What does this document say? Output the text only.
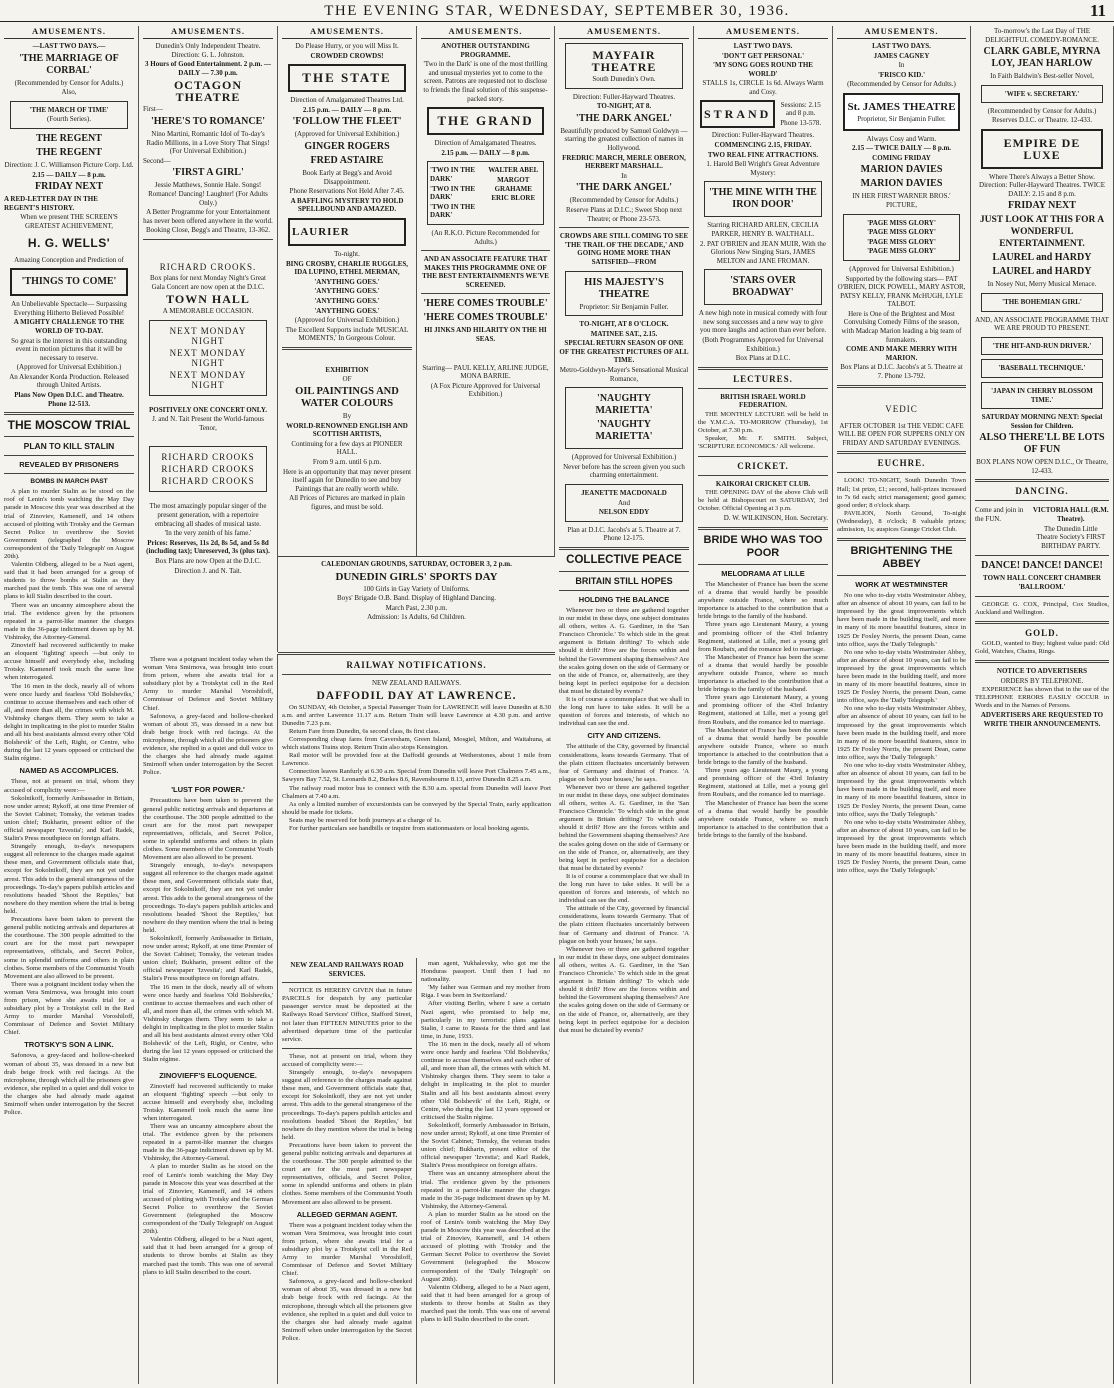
THE EVENING STAR, WEDNESDAY, SEPTEMBER 30, 1936.	11
AMUSEMENTS.
—LAST TWO DAYS.—
'THE MARRIAGE OF CORBAL'
(Recommended by Censor for Adults.)
Also,
'THE MARCH OF TIME'
(Fourth Series).
THE REGENT
THE REGENT
Direction: J. C. Williamson Picture Corp. Ltd.
2.15 — DAILY — 8 p.m.
FRIDAY NEXT
A RED-LETTER DAY IN THE REGENT'S HISTORY.
When we present THE SCREEN'S GREATEST ACHIEVEMENT,
H. G. WELLS'
Amazing Conception and Prediction of
'THINGS TO COME'
An Unbelievable Spectacle— Surpassing Everything Hitherto Believed Possible!
A MIGHTY CHALLENGE TO THE WORLD OF TO-DAY.
So great is the interest in this outstanding event in motion pictures that it will be necessary to reserve.
(Approved for Universal Exhibition.)
An Alexander Korda Production. Released through United Artists.
Plans Now Open D.I.C. and Theatre. Phone 12-513.
THE MOSCOW TRIAL
PLAN TO KILL STALIN
REVEALED BY PRISONERS
BOMBS IN MARCH PAST
A plan to murder Stalin as he stood on the roof of Lenin's tomb watching the May Day parade in Moscow this year was described at the trial of Zinoviev, Kameneff, and 14 others accused of plotting with Trotsky and the German Secret Police to overthrow the Soviet Government (telegraphed the Moscow correspondent of the 'Daily Telegraph' on August 20th).
Valentin Oldberg, alleged to be a Nazi agent, said that it had been arranged for a group of students to throw bombs at Stalin as they marched past the tomb. This was one of several plans to kill Stalin described to the court.
There was an uncanny atmosphere about the trial. The evidence given by the prisoners repeated in a parrot-like manner the charges made in the 36-page indictment drawn up by M. Vishinsky, the Attorney-General.
Zinovieff had recovered sufficiently to make an eloquent 'fighting' speech —but only to accuse himself and everybody else, including Trotsky. Kameneff took much the same line when interrogated.
The 16 men in the dock, nearly all of whom were once hardy and fearless 'Old Bolsheviks,' continue to accuse themselves and each other of all, and more than all, the crimes with which M. Vishinsky charges them. They seem to take a delight in implicating in the plot to murder Stalin and all his best assistants almost every other 'Old Bolshevik' of the Left, Right, or Centre, who during the last 12 years opposed or criticised the Stalin régime.
NAMED AS ACCOMPLICES.
These, not at present on trial, whom they accused of complicity were:—
Sokolnikoff, formerly Ambassador in Britain, now under arrest; Rykoff, at one time Premier of the Soviet Cabinet; Tomsky, the veteran trades union chief; Bukharin, present editor of the official newspaper 'Izvestia'; and Karl Radek, Stalin's Press mouthpiece on foreign affairs.
Strangely enough, to-day's newspapers suggest all reference to the charges made against these men, and Government officials state that, except for Sokolnikoff, they are not yet under arrest. This adds to the general strangeness of the proceedings. To-day's papers publish articles and resolutions headed 'Shoot the Reptiles,' but nowhere do they mention where the trial is being held.
Precautions have been taken to prevent the general public noticing arrivals and departures at the courthouse. The 300 people admitted to the court are for the most part newspaper representatives, officials, and Secret Police, some in splendid uniforms and others in plain clothes. Some members of the Communist Youth Movement are also allowed to be present.
There was a poignant incident today when the woman Vera Smirnova, was brought into court from prison, where she awaits trial for a subsidiary plot by a Trotskyist cell in the Red Army to murder Marshal Voroshiloff, Commissar of Defence and Soviet Military Chief.
TROTSKY'S SON A LINK.
Safonova, a grey-faced and hollow-cheeked woman of about 35, was dressed in a new but drab beige frock with red facings. At the microphone, through which all the prisoners give evidence, she replied in a quiet and dull voice to the charges she had already made against Smirnoff when under interrogation by the Secret Police.
AMUSEMENTS.
Dunedin's Only Independent Theatre. Direction: G. L. Johnston.
3 Hours of Good Entertainment. 2 p.m. — DAILY — 7.30 p.m.
OCTAGON THEATRE
First—
'HERE'S TO ROMANCE'
Nino Martini, Romantic Idol of To-day's Radio Millions, in a Love Story That Sings! (For Universal Exhibition.)
Second—
'FIRST A GIRL'
Jessie Matthews, Sonnie Hale. Songs! Romance! Dancing! Laughter! (For Adults Only.)
A Better Programme for your Entertainment has never been offered anywhere in the world.
Booking Close, Begg's and Theatre, 13-362.
RICHARD CROOKS.
Box plans for next Monday Night's Great Gala Concert are now open at the D.I.C.
TOWN HALL
A MEMORABLE OCCASION.
NEXT MONDAY NIGHT
NEXT MONDAY NIGHT
NEXT MONDAY NIGHT
POSITIVELY ONE CONCERT ONLY.
J. and N. Tait Present the World-famous Tenor,
RICHARD CROOKS
RICHARD CROOKS
RICHARD CROOKS
The most amazingly popular singer of the present generation, with a repertoire embracing all shades of musical taste.
'In the very zenith of his fame.'
Prices: Reserves, 11s 2d, 8s 5d, and 5s 8d (including tax); Unreserved, 3s (plus tax).
Box Plans are now Open at the D.I.C.
Direction J. and N. Tait.
AMUSEMENTS.
Do Please Hurry, or you will Miss It.
CROWDED CROWDS!
THE STATE
Direction of Amalgamated Theatres Ltd.
2.15 p.m. — DAILY — 8 p.m.
'FOLLOW THE FLEET'
(Approved for Universal Exhibition.)
GINGER ROGERS
FRED ASTAIRE
Book Early at Begg's and Avoid Disappointment.
Phone Reservations Not Held After 7.45.
A BAFFLING MYSTERY TO HOLD SPELLBOUND AND AMAZED.
LAURIER
To-night.
BING CROSBY, CHARLIE RUGGLES, IDA LUPINO, ETHEL MERMAN,
'ANYTHING GOES.'
'ANYTHING GOES.'
'ANYTHING GOES.'
'ANYTHING GOES.'
(Approved for Universal Exhibition.)
The Excellent Supports include 'MUSICAL MOMENTS,' In Gorgeous Colour.
EXHIBITION
OF
OIL PAINTINGS AND WATER COLOURS
By
WORLD-RENOWNED ENGLISH AND SCOTTISH ARTISTS,
Continuing for a few days at PIONEER HALL.
From 9 a.m. until 6 p.m.
Here is an opportunity that may never present itself again for Dunedin to see and buy Paintings that are really worth while.
All Prices of Pictures are marked in plain figures, and must be sold.
AMUSEMENTS.
ANOTHER OUTSTANDING PROGRAMME.
'Two in the Dark' is one of the most thrilling and unusual mysteries yet to come to the screen. Patrons are requested not to disclose to friends the final solution of this suspense-packed story.
THE GRAND
Direction of Amalgamated Theatres.
2.15 p.m. — DAILY — 8 p.m.
'TWO IN THE DARK'
'TWO IN THE DARK'
'TWO IN THE DARK'
WALTER ABEL
MARGOT GRAHAME
ERIC BLORE
(An R.K.O. Picture Recommended for Adults.)
AND AN ASSOCIATE FEATURE THAT MAKES THIS PROGRAMME ONE OF THE BEST ENTERTAINMENTS WE'VE SCREENED.
'HERE COMES TROUBLE'
'HERE COMES TROUBLE'
HI JINKS AND HILARITY ON THE HI SEAS.
Starring— PAUL KELLY, ARLINE JUDGE, MONA BARRIE.
(A Fox Picture Approved for Universal Exhibition.)
AMUSEMENTS.
MAYFAIR THEATRE
South Dunedin's Own.
Direction: Fuller-Hayward Theatres.
TO-NIGHT, AT 8.
'THE DARK ANGEL'
Beautifully produced by Samuel Goldwyn —starring the greatest collection of names in Hollywood.
FREDRIC MARCH, MERLE OBERON, HERBERT MARSHALL.
In
'THE DARK ANGEL'
(Recommended by Censor for Adults.)
Reserve Plans at D.I.C.; Sweet Shop next Theatre; or Phone 23-573.
CROWDS ARE STILL COMING TO SEE 'THE TRAIL OF THE DECADE,' AND GOING HOME MORE THAN SATISFIED—FROM
HIS MAJESTY'S THEATRE
Proprietor: Sir Benjamin Fuller.
TO-NIGHT, AT 8 O'CLOCK.
MATINEE SAT., 2.15.
SPECIAL RETURN SEASON OF ONE OF THE GREATEST PICTURES OF ALL TIME.
Metro-Goldwyn-Mayer's Sensational Musical Romance,
'NAUGHTY MARIETTA'
'NAUGHTY MARIETTA'
(Approved for Universal Exhibition.)
Never before has the screen given you such charming entertainment.
JEANETTE MACDONALD
And
NELSON EDDY
Plan at D.I.C. Jacobs's at 5. Theatre at 7. Phone 12-175.
COLLECTIVE PEACE
BRITAIN STILL HOPES
HOLDING THE BALANCE
Whenever two or three are gathered together in our midst in these days, one subject dominates all others, writes A. G. Gardiner, in the 'San Francisco Chronicle.' To which side in the great argument is Britain drifting? To which side should it drift? How are the forces within and behind the Government shaping themselves? Are the scales going down on the side of Germany or on the side of France, or, alternatively, are they being kept in perfect equipoise for a decision that must be dictated by events?
It is of course a commonplace that we shall in the long run have to take sides. It will be a question of forces and interests, of which no individual can see the end.
CITY AND CITIZENS.
The attitude of the City, governed by financial considerations, leans towards Germany. That of the plain citizen fluctuates uncertainly between fear of Germany and distrust of France. 'A plague on both your houses,' he says.
Whenever two or three are gathered together in our midst in these days, one subject dominates all others, writes A. G. Gardiner, in the 'San Francisco Chronicle.' To which side in the great argument is Britain drifting? To which side should it drift? How are the forces within and behind the Government shaping themselves? Are the scales going down on the side of Germany or on the side of France, or, alternatively, are they being kept in perfect equipoise for a decision that must be dictated by events?
It is of course a commonplace that we shall in the long run have to take sides. It will be a question of forces and interests, of which no individual can see the end.
The attitude of the City, governed by financial considerations, leans towards Germany. That of the plain citizen fluctuates uncertainly between fear of Germany and distrust of France. 'A plague on both your houses,' he says.
Whenever two or three are gathered together in our midst in these days, one subject dominates all others, writes A. G. Gardiner, in the 'San Francisco Chronicle.' To which side in the great argument is Britain drifting? To which side should it drift? How are the forces within and behind the Government shaping themselves? Are the scales going down on the side of Germany or on the side of France, or, alternatively, are they being kept in perfect equipoise for a decision that must be dictated by events?
AMUSEMENTS.
LAST TWO DAYS.
'DON'T GET PERSONAL'
'MY SONG GOES ROUND THE WORLD'
STALLS 1s, CIRCLE 1s 6d. Always Warm and Cosy.
STRAND
Sessions: 2.15 and 8 p.m.
Phone 13-578.
Direction: Fuller-Hayward Theatres.
COMMENCING 2.15, FRIDAY.
TWO REAL FINE ATTRACTIONS.
1. Harold Bell Wright's Great Adventure Mystery:
'THE MINE WITH THE IRON DOOR'
Starring RICHARD ARLEN, CECILIA PARKER, HENRY B. WALTHALL.
2. PAT O'BRIEN and JEAN MUIR, With the Glorious New Singing Stars, JAMES MELTON and JANE FROMAN.
'STARS OVER BROADWAY'
A new high note in musical comedy with four new song successes and a new way to give you more laughs and action than ever before.
(Both Programmes Approved for Universal Exhibition.)
Box Plans at D.I.C.
LECTURES.
BRITISH ISRAEL WORLD FEDERATION.
THE MONTHLY LECTURE will be held in the Y.M.C.A. TO-MORROW (Thursday), 1st October, at 7.30 p.m.
Speaker, Mr. F. SMITH. Subject, 'SCRIPTURE ECONOMICS.' All welcome.
CRICKET.
KAIKORAI CRICKET CLUB.
THE OPENING DAY of the above Club will be held at Bishopscourt on SATURDAY, 3rd October. Official Opening at 3 p.m.
D. W. WILKINSON, Hon. Secretary.
BRIDE WHO WAS TOO POOR
MELODRAMA AT LILLE
The Manchester of France has been the scene of a drama that would hardly be possible anywhere outside France, where so much importance is attached to the contribution that a bride brings to the family of the husband.
Three years ago Lieutenant Maury, a young and promising officer of the 43rd Infantry Regiment, stationed at Lille, met a young girl from Roubaix, and the romance led to marriage.
The Manchester of France has been the scene of a drama that would hardly be possible anywhere outside France, where so much importance is attached to the contribution that a bride brings to the family of the husband.
Three years ago Lieutenant Maury, a young and promising officer of the 43rd Infantry Regiment, stationed at Lille, met a young girl from Roubaix, and the romance led to marriage.
The Manchester of France has been the scene of a drama that would hardly be possible anywhere outside France, where so much importance is attached to the contribution that a bride brings to the family of the husband.
Three years ago Lieutenant Maury, a young and promising officer of the 43rd Infantry Regiment, stationed at Lille, met a young girl from Roubaix, and the romance led to marriage.
The Manchester of France has been the scene of a drama that would hardly be possible anywhere outside France, where so much importance is attached to the contribution that a bride brings to the family of the husband.
AMUSEMENTS.
LAST TWO DAYS.
JAMES CAGNEY
In
'FRISCO KID.'
(Recommended by Censor for Adults.)
St. JAMES THEATRE
Proprietor, Sir Benjamin Fuller.
Always Cosy and Warm.
2.15 — TWICE DAILY — 8 p.m.
COMING FRIDAY
MARION DAVIES
MARION DAVIES
IN HER FIRST WARNER BROS.' PICTURE,
'PAGE MISS GLORY'
'PAGE MISS GLORY'
'PAGE MISS GLORY'
'PAGE MISS GLORY'
(Approved for Universal Exhibition.)
Supported by the following stars— PAT O'BRIEN, DICK POWELL, MARY ASTOR, PATSY KELLY, FRANK McHUGH, LYLE TALBOT.
Here is One of the Brightest and Most Convulsing Comedy Films of the season, with Madcap Marion leading a big team of funmakers.
COME AND MAKE MERRY WITH MARION.
Box Plans at D.I.C. Jacobs's at 5. Theatre at 7. Phone 13-792.
VEDIC
AFTER OCTOBER 1st THE VEDIC CAFE WILL BE OPEN FOR SUPPERS ONLY ON FRIDAY AND SATURDAY EVENINGS.
EUCHRE.
LOOK! TO-NIGHT, South Dunedin Town Hall; 1st prize, £1; second, half-prizes increased to 7s 6d each; strict management; good games; good order; 8 o'clock sharp.
PAVILION, North Ground, To-night (Wednesday), 8 o'clock; 8 valuable prizes; admission, 1s; auspices Grange Cricket Club.
BRIGHTENING THE ABBEY
WORK AT WESTMINSTER
No one who to-day visits Westminster Abbey, after an absence of about 10 years, can fail to be impressed by the great improvements which have been made in the building itself, and more in many of its more beautiful features, since in 1925 Dr Foxley Norris, the present Dean, came into office, says the 'Daily Telegraph.'
No one who to-day visits Westminster Abbey, after an absence of about 10 years, can fail to be impressed by the great improvements which have been made in the building itself, and more in many of its more beautiful features, since in 1925 Dr Foxley Norris, the present Dean, came into office, says the 'Daily Telegraph.'
No one who to-day visits Westminster Abbey, after an absence of about 10 years, can fail to be impressed by the great improvements which have been made in the building itself, and more in many of its more beautiful features, since in 1925 Dr Foxley Norris, the present Dean, came into office, says the 'Daily Telegraph.'
No one who to-day visits Westminster Abbey, after an absence of about 10 years, can fail to be impressed by the great improvements which have been made in the building itself, and more in many of its more beautiful features, since in 1925 Dr Foxley Norris, the present Dean, came into office, says the 'Daily Telegraph.'
No one who to-day visits Westminster Abbey, after an absence of about 10 years, can fail to be impressed by the great improvements which have been made in the building itself, and more in many of its more beautiful features, since in 1925 Dr Foxley Norris, the present Dean, came into office, says the 'Daily Telegraph.'
To-morrow's the Last Day of THE DELIGHTFUL COMEDY-ROMANCE.
CLARK GABLE, MYRNA LOY, JEAN HARLOW
In Faith Baldwin's Best-seller Novel,
'WIFE v. SECRETARY.'
(Recommended by Censor for Adults.) Reserves D.I.C. or Theatre. 12-433.
EMPIRE DE LUXE
Where There's Always a Better Show. Direction: Fuller-Hayward Theatres. TWICE DAILY: 2.15 and 8 p.m.
FRIDAY NEXT
JUST LOOK AT THIS FOR A WONDERFUL ENTERTAINMENT.
LAUREL and HARDY
LAUREL and HARDY
In Nosey Nut, Merry Musical Menace.
'THE BOHEMIAN GIRL'
AND, AN ASSOCIATE PROGRAMME THAT WE ARE PROUD TO PRESENT.
'THE HIT-AND-RUN DRIVER.'
'BASEBALL TECHNIQUE.'
'JAPAN IN CHERRY BLOSSOM TIME.'
SATURDAY MORNING NEXT: Special Session for Children.
ALSO THERE'LL BE LOTS OF FUN
BOX PLANS NOW OPEN D.I.C., Or Theatre, 12-433.
DANCING.
Come and join in the FUN.
VICTORIA HALL (R.M. Theatre).
The Dunedin Little Theatre Society's FIRST BIRTHDAY PARTY.
DANCE! DANCE! DANCE!
TOWN HALL CONCERT CHAMBER 'BALLROOM.'
GEORGE G. COX, Principal, Cox Studios, Auckland and Wellington.
GOLD.
GOLD, wanted to Buy; highest value paid: Old Gold, Watches, Chains, Rings.
NOTICE TO ADVERTISERS
ORDERS BY TELEPHONE.
EXPERIENCE has shown that in the use of the TELEPHONE ERRORS EASILY OCCUR in Words and in the Names of Persons.
ADVERTISERS ARE REQUESTED TO WRITE THEIR ANNOUNCEMENTS.
CALEDONIAN GROUNDS, SATURDAY, OCTOBER 3, 2 p.m.
DUNEDIN GIRLS' SPORTS DAY
100 Girls in Gay Variety of Uniforms.
Boys' Brigade O.B. Band. Display of Highland Dancing.
March Past, 2.30 p.m.
Admission: 1s Adults, 6d Children.
RAILWAY NOTIFICATIONS.
NEW ZEALAND RAILWAYS.
DAFFODIL DAY AT LAWRENCE.
On SUNDAY, 4th October, a Special Passenger Train for LAWRENCE will leave Dunedin at 8.30 a.m. and arrive Lawrence 11.17 a.m. Return Train will leave Lawrence at 4.30 p.m. and arrive Dunedin 7.23 p.m.
Return Fare from Dunedin, 6s second class, 8s first class.
Corresponding cheap fares from Caversham, Green Island, Mosgiel, Milton, and Waitahuna, at which stations Trains stop. Return Train also stops Kensington.
Rail motor will be provided free at the Daffodil grounds at Wetherstones, about 1 mile from Lawrence.
Connection leaves Ranfurly at 6.30 a.m. Special from Dunedin will leave Port Chalmers 7.45 a.m., Sawyers Bay 7.52, St. Leonards 8.2, Burkes 8.6, Ravensbourne 8.13, arrive Dunedin 8.25 a.m.
The railway road motor bus to connect with the 8.30 a.m. special from Dunedin will leave Port Chalmers at 7.40 a.m.
As only a limited number of excursionists can be conveyed by the Special Train, early application should be made for tickets.
Seats may be reserved for both journeys at a charge of 1s.
For further particulars see handbills or inquire from stationmasters or local booking agents.
There was a poignant incident today when the woman Vera Smirnova, was brought into court from prison, where she awaits trial for a subsidiary plot by a Trotskyist cell in the Red Army to murder Marshal Voroshiloff, Commissar of Defence and Soviet Military Chief.
Safonova, a grey-faced and hollow-cheeked woman of about 35, was dressed in a new but drab beige frock with red facings. At the microphone, through which all the prisoners give evidence, she replied in a quiet and dull voice to the charges she had already made against Smirnoff when under interrogation by the Secret Police.
'LUST FOR POWER.'
Precautions have been taken to prevent the general public noticing arrivals and departures at the courthouse. The 300 people admitted to the court are for the most part newspaper representatives, officials, and Secret Police, some in splendid uniforms and others in plain clothes. Some members of the Communist Youth Movement are also allowed to be present.
Strangely enough, to-day's newspapers suggest all reference to the charges made against these men, and Government officials state that, except for Sokolnikoff, they are not yet under arrest. This adds to the general strangeness of the proceedings. To-day's papers publish articles and resolutions headed 'Shoot the Reptiles,' but nowhere do they mention where the trial is being held.
Sokolnikoff, formerly Ambassador in Britain, now under arrest; Rykoff, at one time Premier of the Soviet Cabinet; Tomsky, the veteran trades union chief; Bukharin, present editor of the official newspaper 'Izvestia'; and Karl Radek, Stalin's Press mouthpiece on foreign affairs.
The 16 men in the dock, nearly all of whom were once hardy and fearless 'Old Bolsheviks,' continue to accuse themselves and each other of all, and more than all, the crimes with which M. Vishinsky charges them. They seem to take a delight in implicating in the plot to murder Stalin and all his best assistants almost every other 'Old Bolshevik' of the Left, Right, or Centre, who during the last 12 years opposed or criticised the Stalin régime.
ZINOVIEFF'S ELOQUENCE.
Zinovieff had recovered sufficiently to make an eloquent 'fighting' speech —but only to accuse himself and everybody else, including Trotsky. Kameneff took much the same line when interrogated.
There was an uncanny atmosphere about the trial. The evidence given by the prisoners repeated in a parrot-like manner the charges made in the 36-page indictment drawn up by M. Vishinsky, the Attorney-General.
A plan to murder Stalin as he stood on the roof of Lenin's tomb watching the May Day parade in Moscow this year was described at the trial of Zinoviev, Kameneff, and 14 others accused of plotting with Trotsky and the German Secret Police to overthrow the Soviet Government (telegraphed the Moscow correspondent of the 'Daily Telegraph' on August 20th).
Valentin Oldberg, alleged to be a Nazi agent, said that it had been arranged for a group of students to throw bombs at Stalin as they marched past the tomb. This was one of several plans to kill Stalin described to the court.
NEW ZEALAND RAILWAYS ROAD SERVICES.
NOTICE IS HEREBY GIVEN that in future PARCELS for despatch by any particular passenger service must be deposited at the Railways Road Services' Office, Stafford Street, not later than FIFTEEN MINUTES prior to the advertised departure time of the particular service.
These, not at present on trial, whom they accused of complicity were:—
Strangely enough, to-day's newspapers suggest all reference to the charges made against these men, and Government officials state that, except for Sokolnikoff, they are not yet under arrest. This adds to the general strangeness of the proceedings. To-day's papers publish articles and resolutions headed 'Shoot the Reptiles,' but nowhere do they mention where the trial is being held.
Precautions have been taken to prevent the general public noticing arrivals and departures at the courthouse. The 300 people admitted to the court are for the most part newspaper representatives, officials, and Secret Police, some in splendid uniforms and others in plain clothes. Some members of the Communist Youth Movement are also allowed to be present.
ALLEGED GERMAN AGENT.
There was a poignant incident today when the woman Vera Smirnova, was brought into court from prison, where she awaits trial for a subsidiary plot by a Trotskyist cell in the Red Army to murder Marshal Voroshiloff, Commissar of Defence and Soviet Military Chief.
Safonova, a grey-faced and hollow-cheeked woman of about 35, was dressed in a new but drab beige frock with red facings. At the microphone, through which all the prisoners give evidence, she replied in a quiet and dull voice to the charges she had already made against Smirnoff when under interrogation by the Secret Police.
man agent, Yukhalevsky, who got me the Honduras passport. Until then I had no nationality.
'My father was German and my mother from Riga. I was born in Switzerland.'
After visiting Berlin, where I saw a certain Nazi agent, who promised to help me, particularly in my terroristic plans against Stalin, I came to Russia for the third and last time, in June, 1933.
The 16 men in the dock, nearly all of whom were once hardy and fearless 'Old Bolsheviks,' continue to accuse themselves and each other of all, and more than all, the crimes with which M. Vishinsky charges them. They seem to take a delight in implicating in the plot to murder Stalin and all his best assistants almost every other 'Old Bolshevik' of the Left, Right, or Centre, who during the last 12 years opposed or criticised the Stalin régime.
Sokolnikoff, formerly Ambassador in Britain, now under arrest; Rykoff, at one time Premier of the Soviet Cabinet; Tomsky, the veteran trades union chief; Bukharin, present editor of the official newspaper 'Izvestia'; and Karl Radek, Stalin's Press mouthpiece on foreign affairs.
There was an uncanny atmosphere about the trial. The evidence given by the prisoners repeated in a parrot-like manner the charges made in the 36-page indictment drawn up by M. Vishinsky, the Attorney-General.
A plan to murder Stalin as he stood on the roof of Lenin's tomb watching the May Day parade in Moscow this year was described at the trial of Zinoviev, Kameneff, and 14 others accused of plotting with Trotsky and the German Secret Police to overthrow the Soviet Government (telegraphed the Moscow correspondent of the 'Daily Telegraph' on August 20th).
Valentin Oldberg, alleged to be a Nazi agent, said that it had been arranged for a group of students to throw bombs at Stalin as they marched past the tomb. This was one of several plans to kill Stalin described to the court.
